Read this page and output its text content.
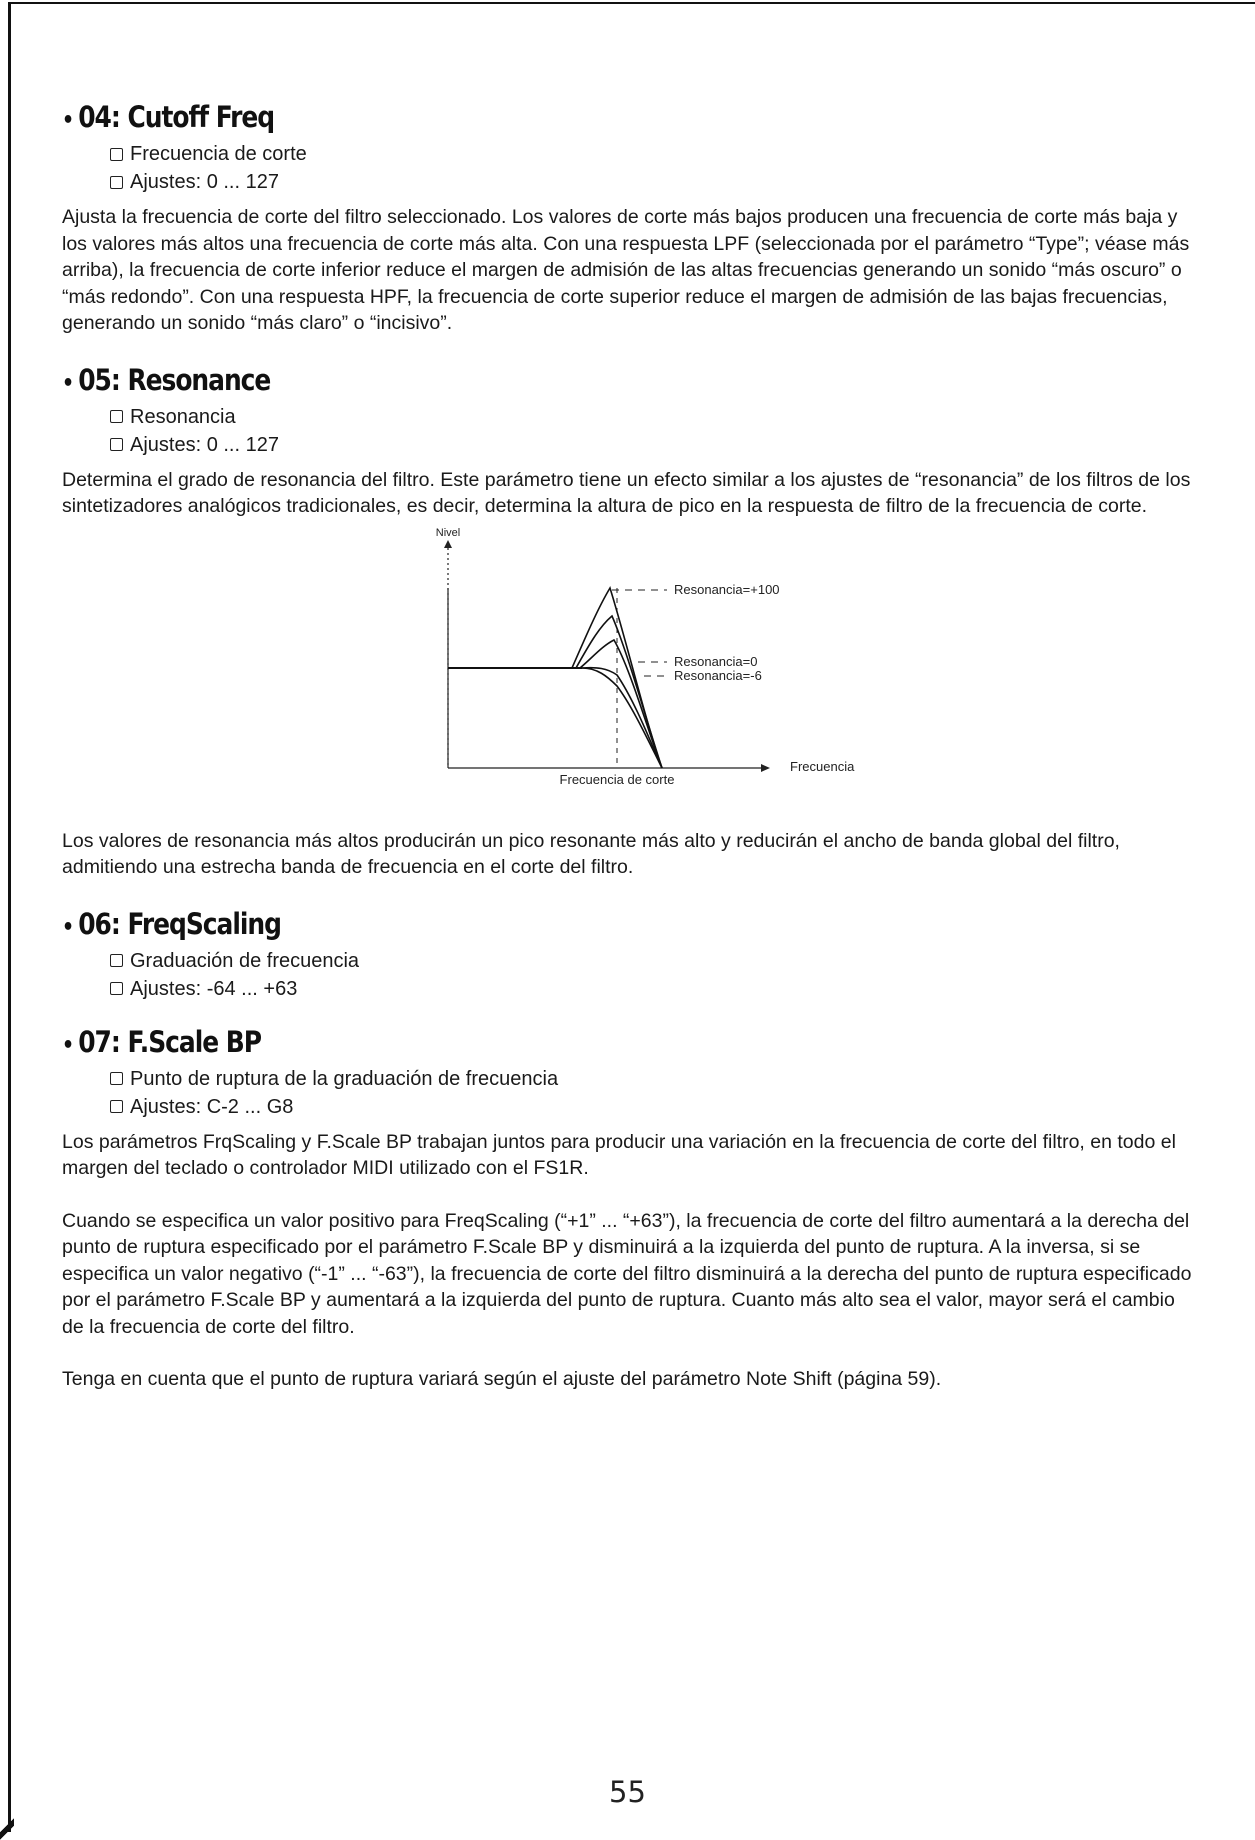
• 04: Cutoff Freq
Frecuencia de corte
Ajustes: 0 ... 127

Ajusta la frecuencia de corte del filtro seleccionado. Los valores de corte más bajos producen una frecuencia de corte más baja y los valores más altos una frecuencia de corte más alta. Con una respuesta LPF (seleccionada por el parámetro “Type”; véase más arriba), la frecuencia de corte inferior reduce el margen de admisión de las altas frecuencias generando un sonido “más oscuro” o “más redondo”. Con una respuesta HPF, la frecuencia de corte superior reduce el margen de admisión de las bajas frecuencias, generando un sonido “más claro” o “incisivo”.

• 05: Resonance
Resonancia
Ajustes: 0 ... 127

Determina el grado de resonancia del filtro. Este parámetro tiene un efecto similar a los ajustes de “resonancia” de los filtros de los sintetizadores analógicos tradicionales, es decir, determina la altura de pico en la respuesta de filtro de la frecuencia de corte.

Nivel
Frecuencia
Frecuencia de corte
Resonancia=+100
Resonancia=0
Resonancia=-6

Los valores de resonancia más altos producirán un pico resonante más alto y reducirán el ancho de banda global del filtro, admitiendo una estrecha banda de frecuencia en el corte del filtro.

• 06: FreqScaling
Graduación de frecuencia
Ajustes: -64 ... +63
• 07: F.Scale BP
Punto de ruptura de la graduación de frecuencia
Ajustes: C-2 ... G8

Los parámetros FrqScaling y F.Scale BP trabajan juntos para producir una variación en la frecuencia de corte del filtro, en todo el margen del teclado o controlador MIDI utilizado con el FS1R.

Cuando se especifica un valor positivo para FreqScaling (“+1” ... “+63”), la frecuencia de corte del filtro aumentará a la derecha del punto de ruptura especificado por el parámetro F.Scale BP y disminuirá a la izquierda del punto de ruptura. A la inversa, si se especifica un valor negativo (“-1” ... “-63”), la frecuencia de corte del filtro disminuirá a la derecha del punto de ruptura especificado por el parámetro F.Scale BP y aumentará a la izquierda del punto de ruptura. Cuanto más alto sea el valor, mayor será el cambio de la frecuencia de corte del filtro.

Tenga en cuenta que el punto de ruptura variará según el ajuste del parámetro Note Shift (página 59).

55
